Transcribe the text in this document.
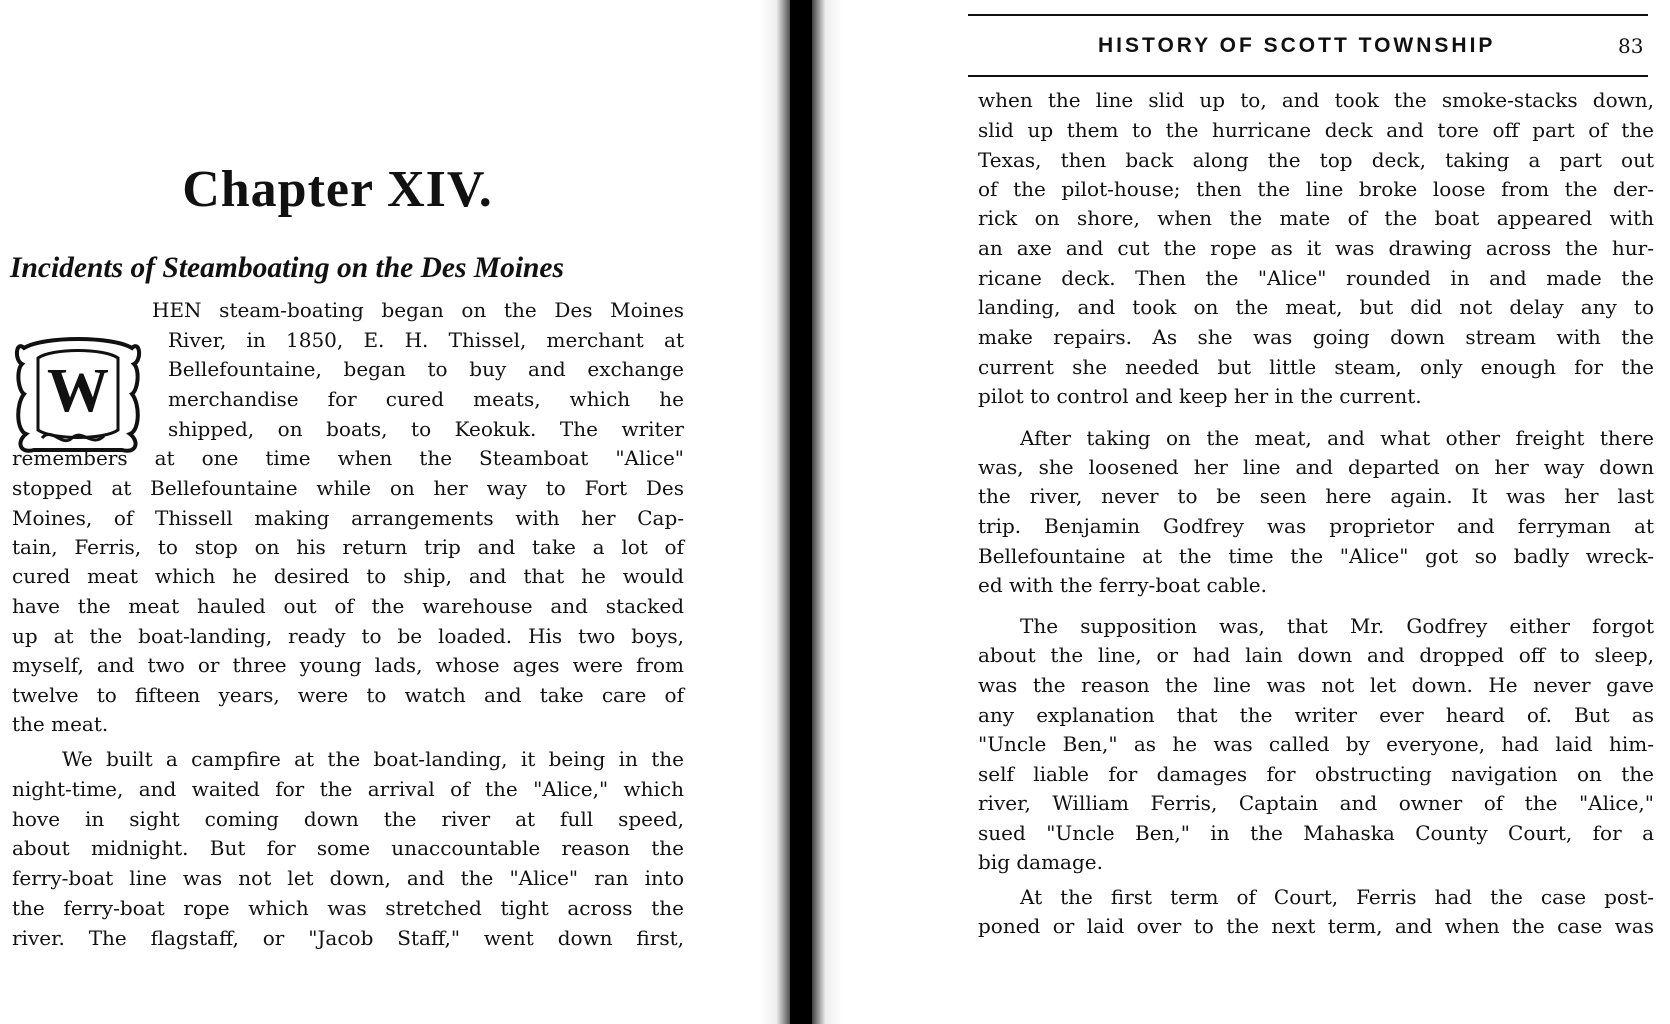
Chapter XIV.
Incidents of Steamboating on the Des Moines
W
HEN steam-boating began on the Des Moines
River, in 1850, E. H. Thissel, merchant at
Bellefountaine, began to buy and exchange
merchandise for cured meats, which he
shipped, on boats, to Keokuk. The writer
remembers at one time when the Steamboat "Alice"
stopped at Bellefountaine while on her way to Fort Des
Moines, of Thissell making arrangements with her Cap-
tain, Ferris, to stop on his return trip and take a lot of
cured meat which he desired to ship, and that he would
have the meat hauled out of the warehouse and stacked
up at the boat-landing, ready to be loaded. His two boys,
myself, and two or three young lads, whose ages were from
twelve to fifteen years, were to watch and take care of
the meat.
We built a campfire at the boat-landing, it being in the
night-time, and waited for the arrival of the "Alice," which
hove in sight coming down the river at full speed,
about midnight. But for some unaccountable reason the
ferry-boat line was not let down, and the "Alice" ran into
the ferry-boat rope which was stretched tight across the
river. The flagstaff, or "Jacob Staff," went down first,
HISTORY OF SCOTT TOWNSHIP	83
when the line slid up to, and took the smoke-stacks down,
slid up them to the hurricane deck and tore off part of the
Texas, then back along the top deck, taking a part out
of the pilot-house; then the line broke loose from the der-
rick on shore, when the mate of the boat appeared with
an axe and cut the rope as it was drawing across the hur-
ricane deck. Then the "Alice" rounded in and made the
landing, and took on the meat, but did not delay any to
make repairs. As she was going down stream with the
current she needed but little steam, only enough for the
pilot to control and keep her in the current.
After taking on the meat, and what other freight there
was, she loosened her line and departed on her way down
the river, never to be seen here again. It was her last
trip. Benjamin Godfrey was proprietor and ferryman at
Bellefountaine at the time the "Alice" got so badly wreck-
ed with the ferry-boat cable.
The supposition was, that Mr. Godfrey either forgot
about the line, or had lain down and dropped off to sleep,
was the reason the line was not let down. He never gave
any explanation that the writer ever heard of. But as
"Uncle Ben," as he was called by everyone, had laid him-
self liable for damages for obstructing navigation on the
river, William Ferris, Captain and owner of the "Alice,"
sued "Uncle Ben," in the Mahaska County Court, for a
big damage.
At the first term of Court, Ferris had the case post-
poned or laid over to the next term, and when the case was
